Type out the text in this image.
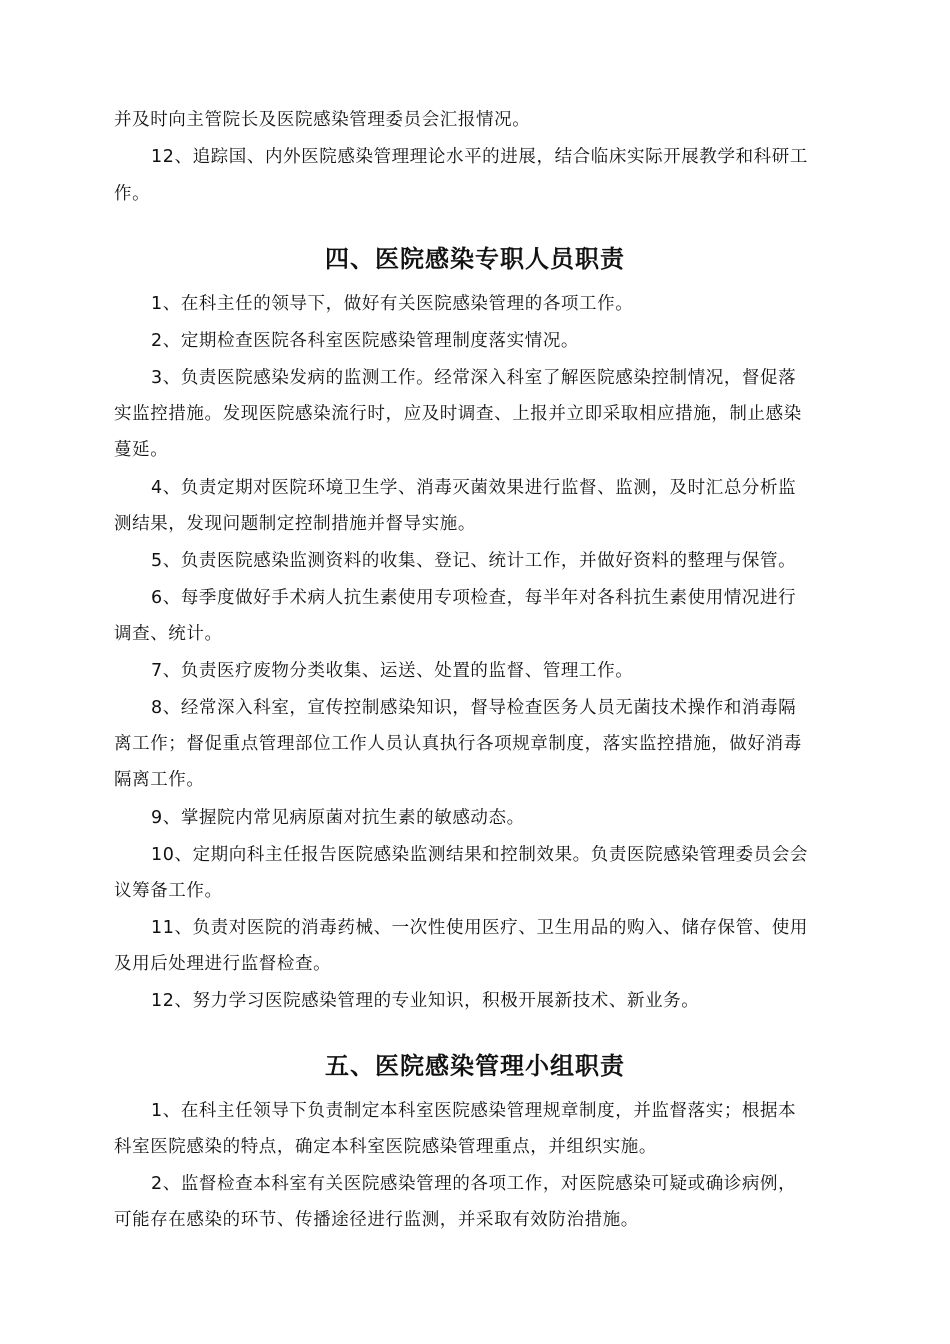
并及时向主管院长及医院感染管理委员会汇报情况。
12、追踪国、内外医院感染管理理论水平的进展，结合临床实际开展教学和科研工
作。
四、医院感染专职人员职责
1、在科主任的领导下，做好有关医院感染管理的各项工作。
2、定期检查医院各科室医院感染管理制度落实情况。
3、负责医院感染发病的监测工作。经常深入科室了解医院感染控制情况，督促落
实监控措施。发现医院感染流行时，应及时调查、上报并立即采取相应措施，制止感染
蔓延。
4、负责定期对医院环境卫生学、消毒灭菌效果进行监督、监测，及时汇总分析监
测结果，发现问题制定控制措施并督导实施。
5、负责医院感染监测资料的收集、登记、统计工作，并做好资料的整理与保管。
6、每季度做好手术病人抗生素使用专项检查，每半年对各科抗生素使用情况进行
调查、统计。
7、负责医疗废物分类收集、运送、处置的监督、管理工作。
8、经常深入科室，宣传控制感染知识，督导检查医务人员无菌技术操作和消毒隔
离工作；督促重点管理部位工作人员认真执行各项规章制度，落实监控措施，做好消毒
隔离工作。
9、掌握院内常见病原菌对抗生素的敏感动态。
10、定期向科主任报告医院感染监测结果和控制效果。负责医院感染管理委员会会
议筹备工作。
11、负责对医院的消毒药械、一次性使用医疗、卫生用品的购入、储存保管、使用
及用后处理进行监督检查。
12、努力学习医院感染管理的专业知识，积极开展新技术、新业务。
五、医院感染管理小组职责
1、在科主任领导下负责制定本科室医院感染管理规章制度，并监督落实；根据本
科室医院感染的特点，确定本科室医院感染管理重点，并组织实施。
2、监督检查本科室有关医院感染管理的各项工作，对医院感染可疑或确诊病例，
可能存在感染的环节、传播途径进行监测，并采取有效防治措施。
